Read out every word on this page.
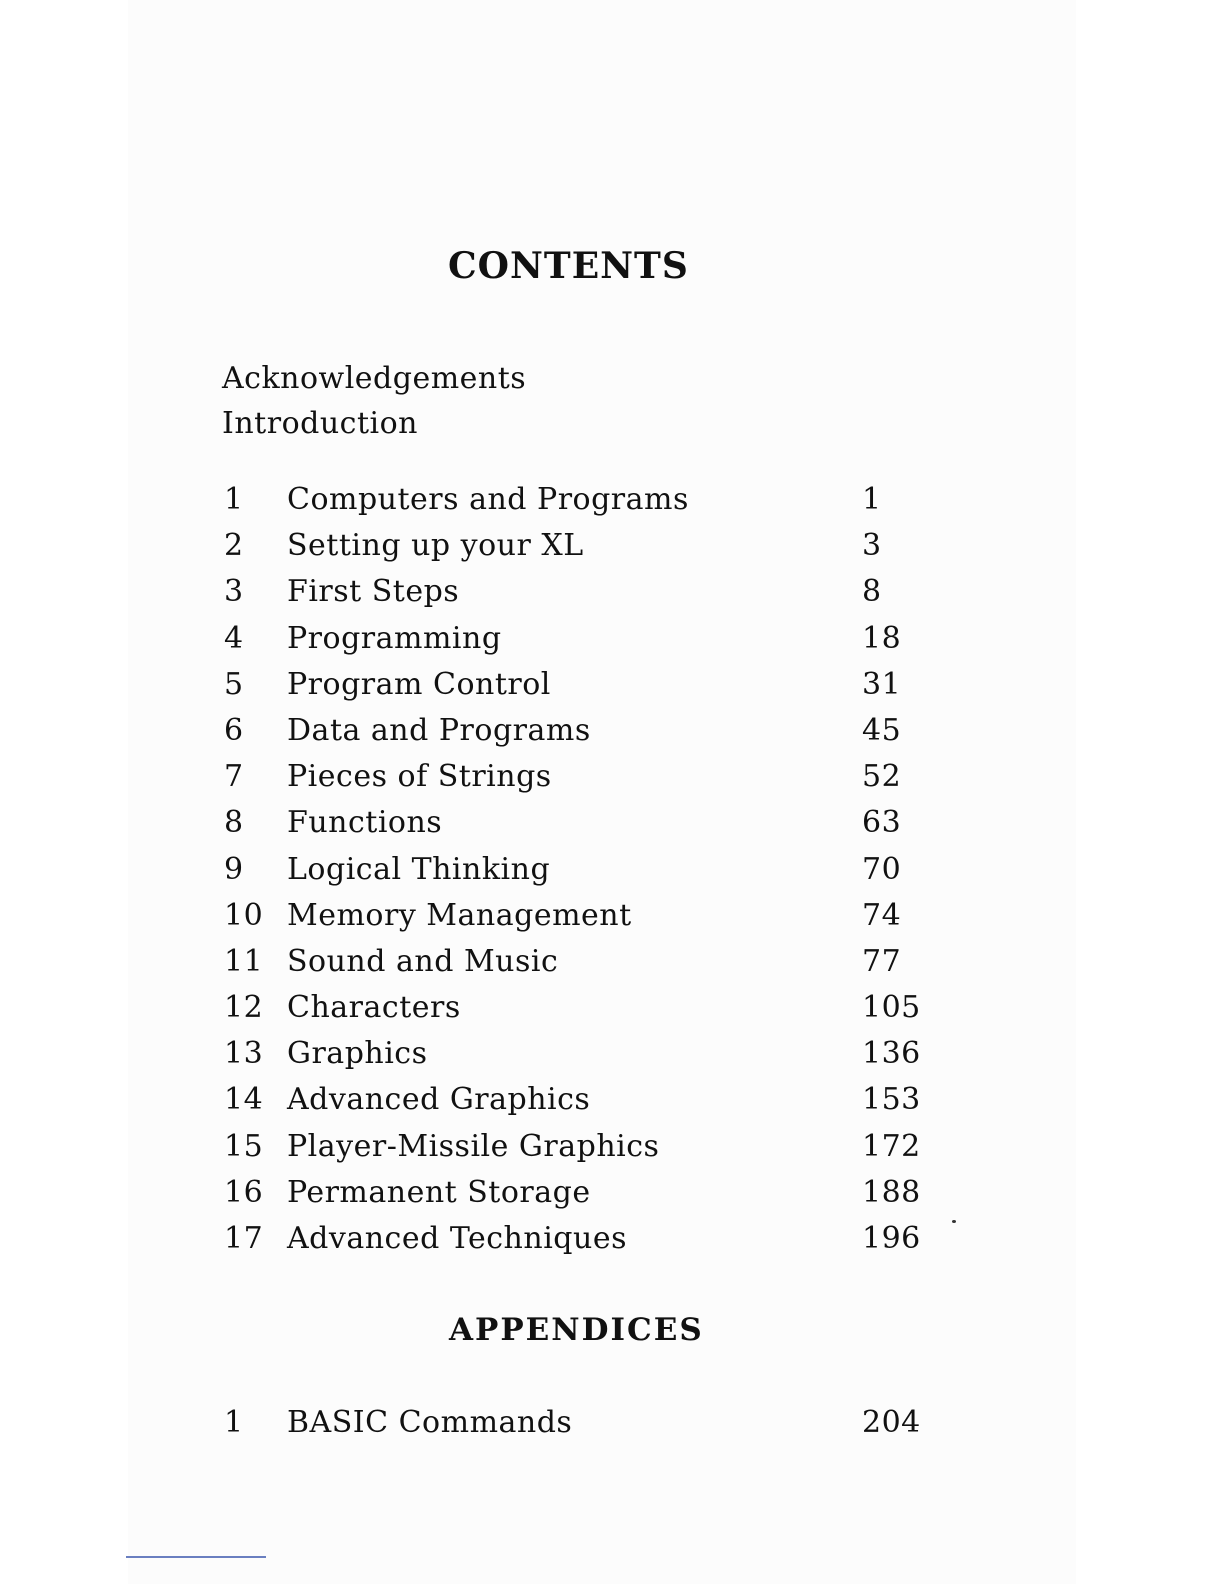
CONTENTS
Acknowledgements
Introduction
1 Computers and Programs	1
2 Setting up your XL	3
3 First Steps	8
4 Programming	18
5 Program Control	31
6 Data and Programs	45
7 Pieces of Strings	52
8 Functions	63
9 Logical Thinking	70
10 Memory Management	74
11 Sound and Music	77
12 Characters	105
13 Graphics	136
14 Advanced Graphics	153
15 Player-Missile Graphics	172
16 Permanent Storage	188
17 Advanced Techniques	196
APPENDICES
1 BASIC Commands	204
